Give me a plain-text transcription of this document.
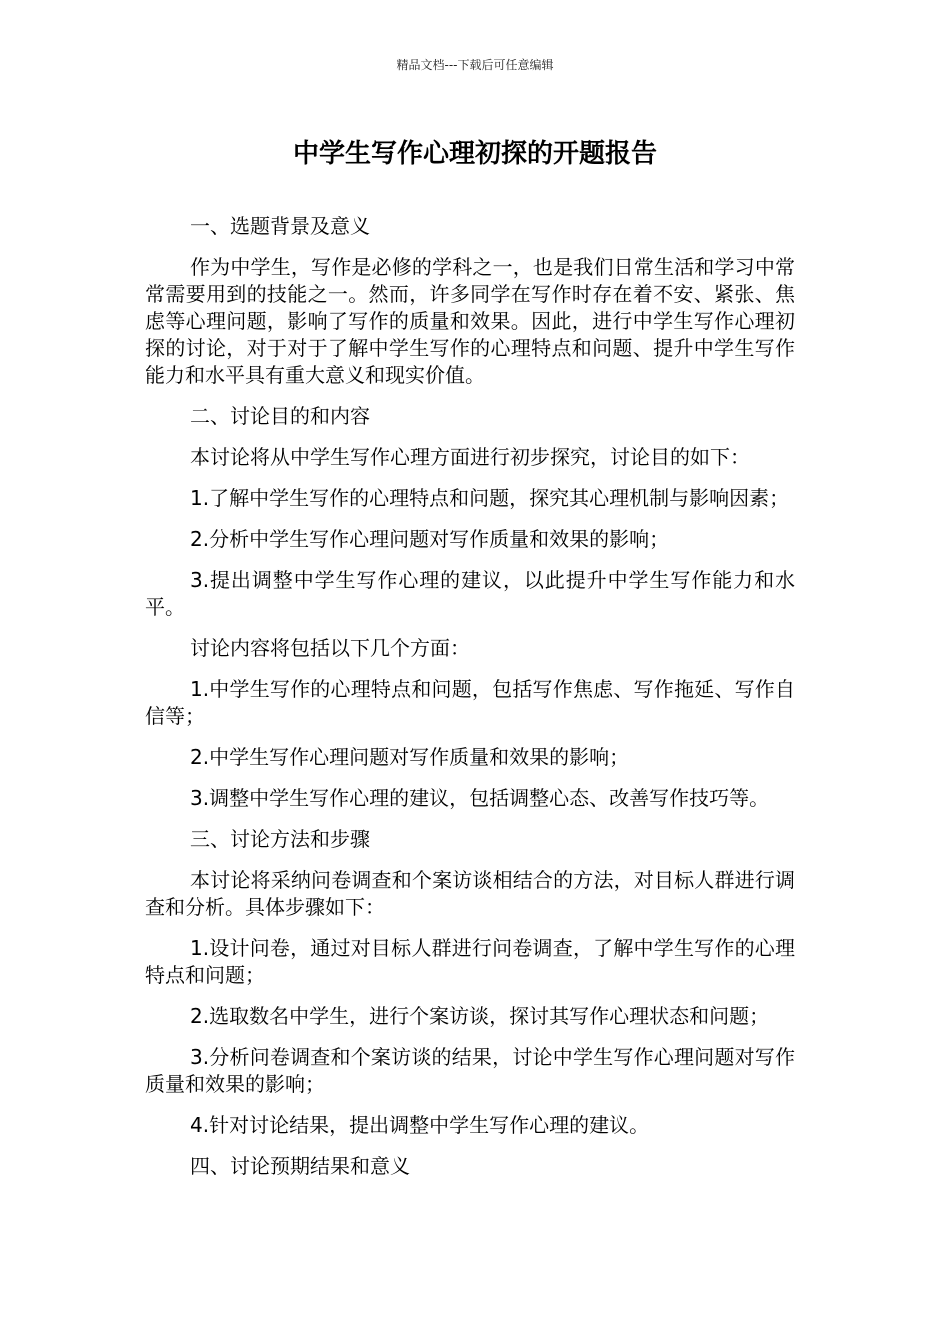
精品文档---下载后可任意编辑
中学生写作心理初探的开题报告

一、选题背景及意义

作为中学生，写作是必修的学科之一，也是我们日常生活和学习中常常需要用到的技能之一。然而，许多同学在写作时存在着不安、紧张、焦虑等心理问题，影响了写作的质量和效果。因此，进行中学生写作心理初探的讨论，对于对于了解中学生写作的心理特点和问题、提升中学生写作能力和水平具有重大意义和现实价值。

二、讨论目的和内容

本讨论将从中学生写作心理方面进行初步探究，讨论目的如下：

1.了解中学生写作的心理特点和问题，探究其心理机制与影响因素；

2.分析中学生写作心理问题对写作质量和效果的影响；

3.提出调整中学生写作心理的建议，以此提升中学生写作能力和水平。

讨论内容将包括以下几个方面：

1.中学生写作的心理特点和问题，包括写作焦虑、写作拖延、写作自信等；

2.中学生写作心理问题对写作质量和效果的影响；

3.调整中学生写作心理的建议，包括调整心态、改善写作技巧等。

三、讨论方法和步骤

本讨论将采纳问卷调查和个案访谈相结合的方法，对目标人群进行调查和分析。具体步骤如下：

1.设计问卷，通过对目标人群进行问卷调查，了解中学生写作的心理特点和问题；

2.选取数名中学生，进行个案访谈，探讨其写作心理状态和问题；

3.分析问卷调查和个案访谈的结果，讨论中学生写作心理问题对写作质量和效果的影响；

4.针对讨论结果，提出调整中学生写作心理的建议。

四、讨论预期结果和意义
